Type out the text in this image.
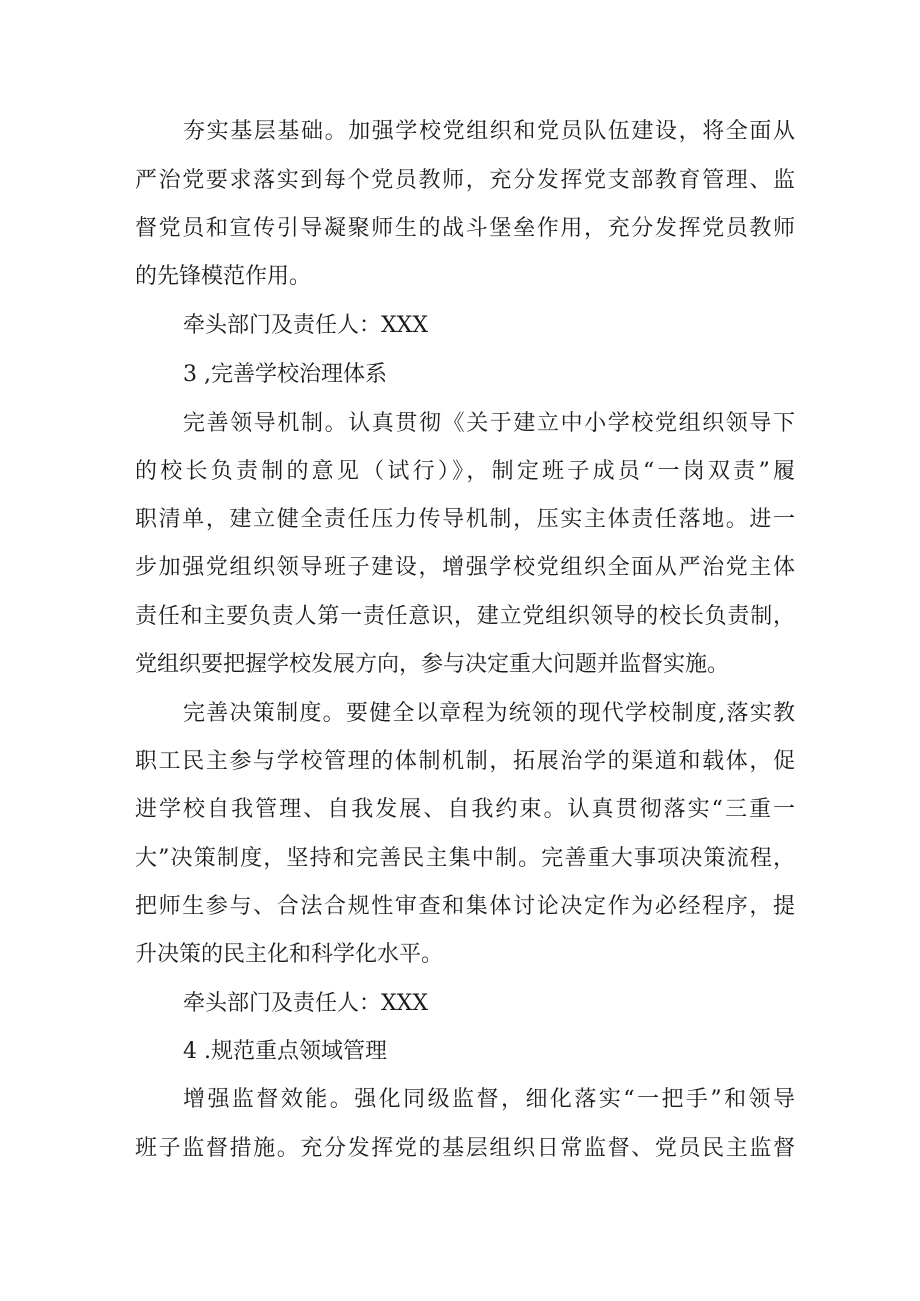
夯实基层基础。加强学校党组织和党员队伍建设，将全面从
严治党要求落实到每个党员教师，充分发挥党支部教育管理、监
督党员和宣传引导凝聚师生的战斗堡垒作用，充分发挥党员教师
的先锋模范作用。
牵头部门及责任人：XXX
3 ,完善学校治理体系
完善领导机制。认真贯彻《关于建立中小学校党组织领导下
的校长负责制的意见（试行）》，制定班子成员“一岗双责”履
职清单，建立健全责任压力传导机制，压实主体责任落地。进一
步加强党组织领导班子建设，增强学校党组织全面从严治党主体
责任和主要负责人第一责任意识，建立党组织领导的校长负责制，
党组织要把握学校发展方向，参与决定重大问题并监督实施。
完善决策制度。要健全以章程为统领的现代学校制度,落实教
职工民主参与学校管理的体制机制，拓展治学的渠道和载体，促
进学校自我管理、自我发展、自我约束。认真贯彻落实“三重一
大”决策制度，坚持和完善民主集中制。完善重大事项决策流程，
把师生参与、合法合规性审查和集体讨论决定作为必经程序，提
升决策的民主化和科学化水平。
牵头部门及责任人：XXX
4 .规范重点领域管理
增强监督效能。强化同级监督，细化落实“一把手”和领导
班子监督措施。充分发挥党的基层组织日常监督、党员民主监督
